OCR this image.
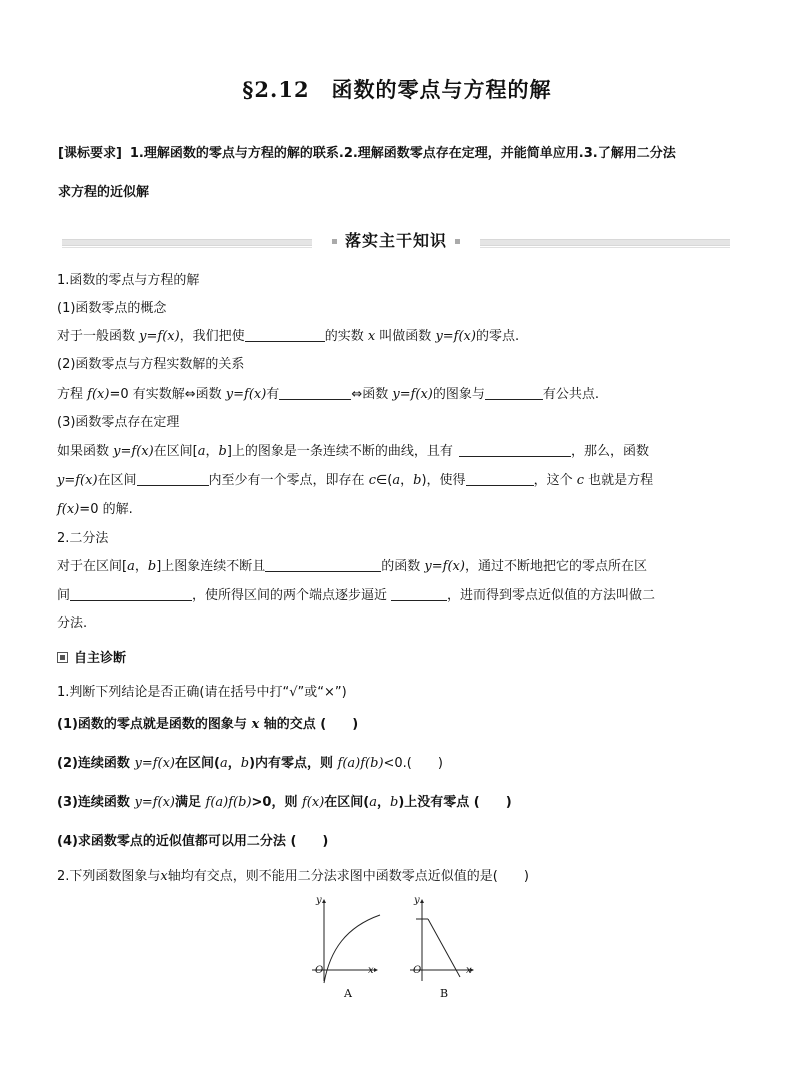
§2.12　函数的零点与方程的解
[课标要求] 1.理解函数的零点与方程的解的联系.2.理解函数零点存在定理，并能简单应用.3.了解用二分法
求方程的近似解
落实主干知识
1.函数的零点与方程的解
(1)函数零点的概念
对于一般函数 y=f(x)，我们把使	的实数 x 叫做函数 y=f(x)的零点.
(2)函数零点与方程实数解的关系
方程 f(x)=0 有实数解⇔函数 y=f(x)有	⇔函数 y=f(x)的图象与	有公共点.
(3)函数零点存在定理
如果函数 y=f(x)在区间[a，b]上的图象是一条连续不断的曲线，且有	，那么，函数
y=f(x)在区间	内至少有一个零点，即存在 c∈(a，b)，使得	，这个 c 也就是方程
f(x)=0 的解.
2.二分法
对于在区间[a，b]上图象连续不断且	的函数 y=f(x)，通过不断地把它的零点所在区
间	，使所得区间的两个端点逐步逼近	，进而得到零点近似值的方法叫做二
分法.
自主诊断
1.判断下列结论是否正确(请在括号中打“√”或“×”)
(1)函数的零点就是函数的图象与 x 轴的交点 (　　)
(2)连续函数 y=f(x)在区间(a，b)内有零点，则 f(a)f(b)<0.(　　)
(3)连续函数 y=f(x)满足 f(a)f(b)>0，则 f(x)在区间(a，b)上没有零点 (　　)
(4)求函数零点的近似值都可以用二分法 (　　)
2.下列函数图象与x轴均有交点，则不能用二分法求图中函数零点近似值的是(　　)
y
x
O
A
y
x
O
B
